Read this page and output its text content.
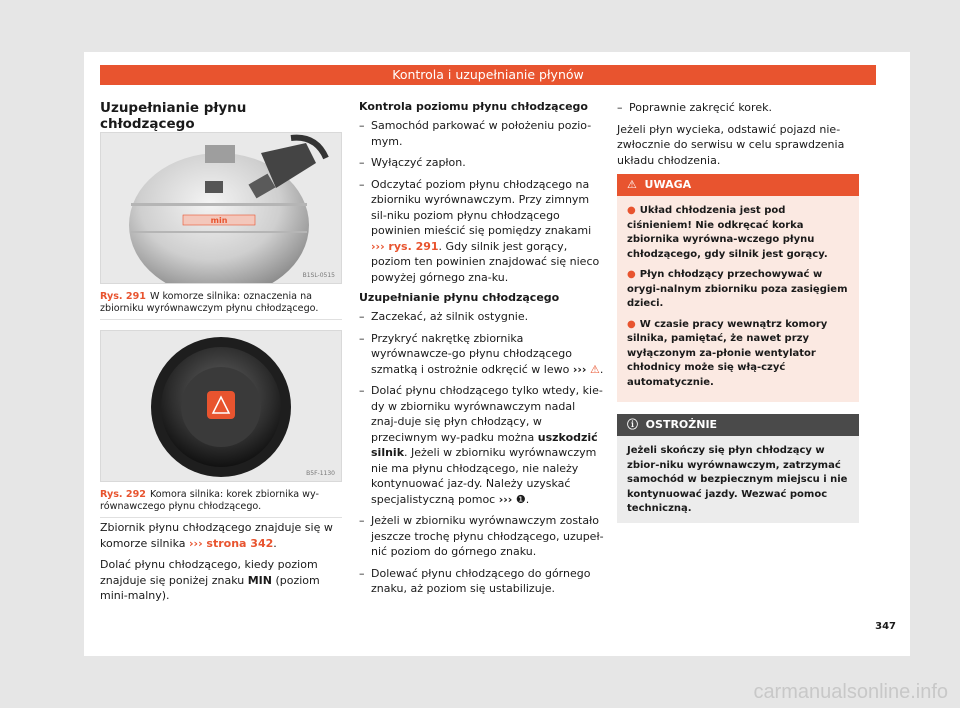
Kontrola i uzupełnianie płynów
Uzupełnianie płynu chłodzącego
min
B1SL-0515
Rys. 291 W komorze silnika: oznaczenia na zbiorniku wyrównawczym płynu chłodzącego.
B5F-1130
Rys. 292 Komora silnika: korek zbiornika wy-równawczego płynu chłodzącego.

Zbiornik płynu chłodzącego znajduje się w komorze silnika ››› strona 342.

Dolać płynu chłodzącego, kiedy poziom znajduje się poniżej znaku MIN (poziom mini-malny).

Kontrola poziomu płynu chłodzącego

– Samochód parkować w położeniu pozio-mym.
– Wyłączyć zapłon.
– Odczytać poziom płynu chłodzącego na zbiorniku wyrównawczym. Przy zimnym sil-niku poziom płynu chłodzącego powinien mieścić się pomiędzy znakami ››› rys. 291. Gdy silnik jest gorący, poziom ten powinien znajdować się nieco powyżej górnego zna-ku.

Uzupełnianie płynu chłodzącego

– Zaczekać, aż silnik ostygnie.
– Przykryć nakrętkę zbiornika wyrównawcze-go płynu chłodzącego szmatką i ostrożnie odkręcić w lewo ››› ⚠.
– Dolać płynu chłodzącego tylko wtedy, kie-dy w zbiorniku wyrównawczym nadal znaj-duje się płyn chłodzący, w przeciwnym wy-padku można uszkodzić silnik. Jeżeli w zbiorniku wyrównawczym nie ma płynu chłodzącego, nie należy kontynuować jaz-dy. Należy uzyskać specjalistyczną pomoc ››› ❶.
– Jeżeli w zbiorniku wyrównawczym zostało jeszcze trochę płynu chłodzącego, uzupeł-nić poziom do górnego znaku.
– Dolewać płynu chłodzącego do górnego znaku, aż poziom się ustabilizuje.
– Poprawnie zakręcić korek.

Jeżeli płyn wycieka, odstawić pojazd nie-zwłocznie do serwisu w celu sprawdzenia układu chłodzenia.

⚠ UWAGA

● Układ chłodzenia jest pod ciśnieniem! Nie odkręcać korka zbiornika wyrówna-wczego płynu chłodzącego, gdy silnik jest gorący.

● Płyn chłodzący przechowywać w orygi-nalnym zbiorniku poza zasięgiem dzieci.

● W czasie pracy wewnątrz komory silnika, pamiętać, że nawet przy wyłączonym za-płonie wentylator chłodnicy może się włą-czyć automatycznie.

ⓘ OSTROŻNIE

Jeżeli skończy się płyn chłodzący w zbior-niku wyrównawczym, zatrzymać samochód w bezpiecznym miejscu i nie kontynuować jazdy. Wezwać pomoc techniczną.

347
carmanualsonline.info
